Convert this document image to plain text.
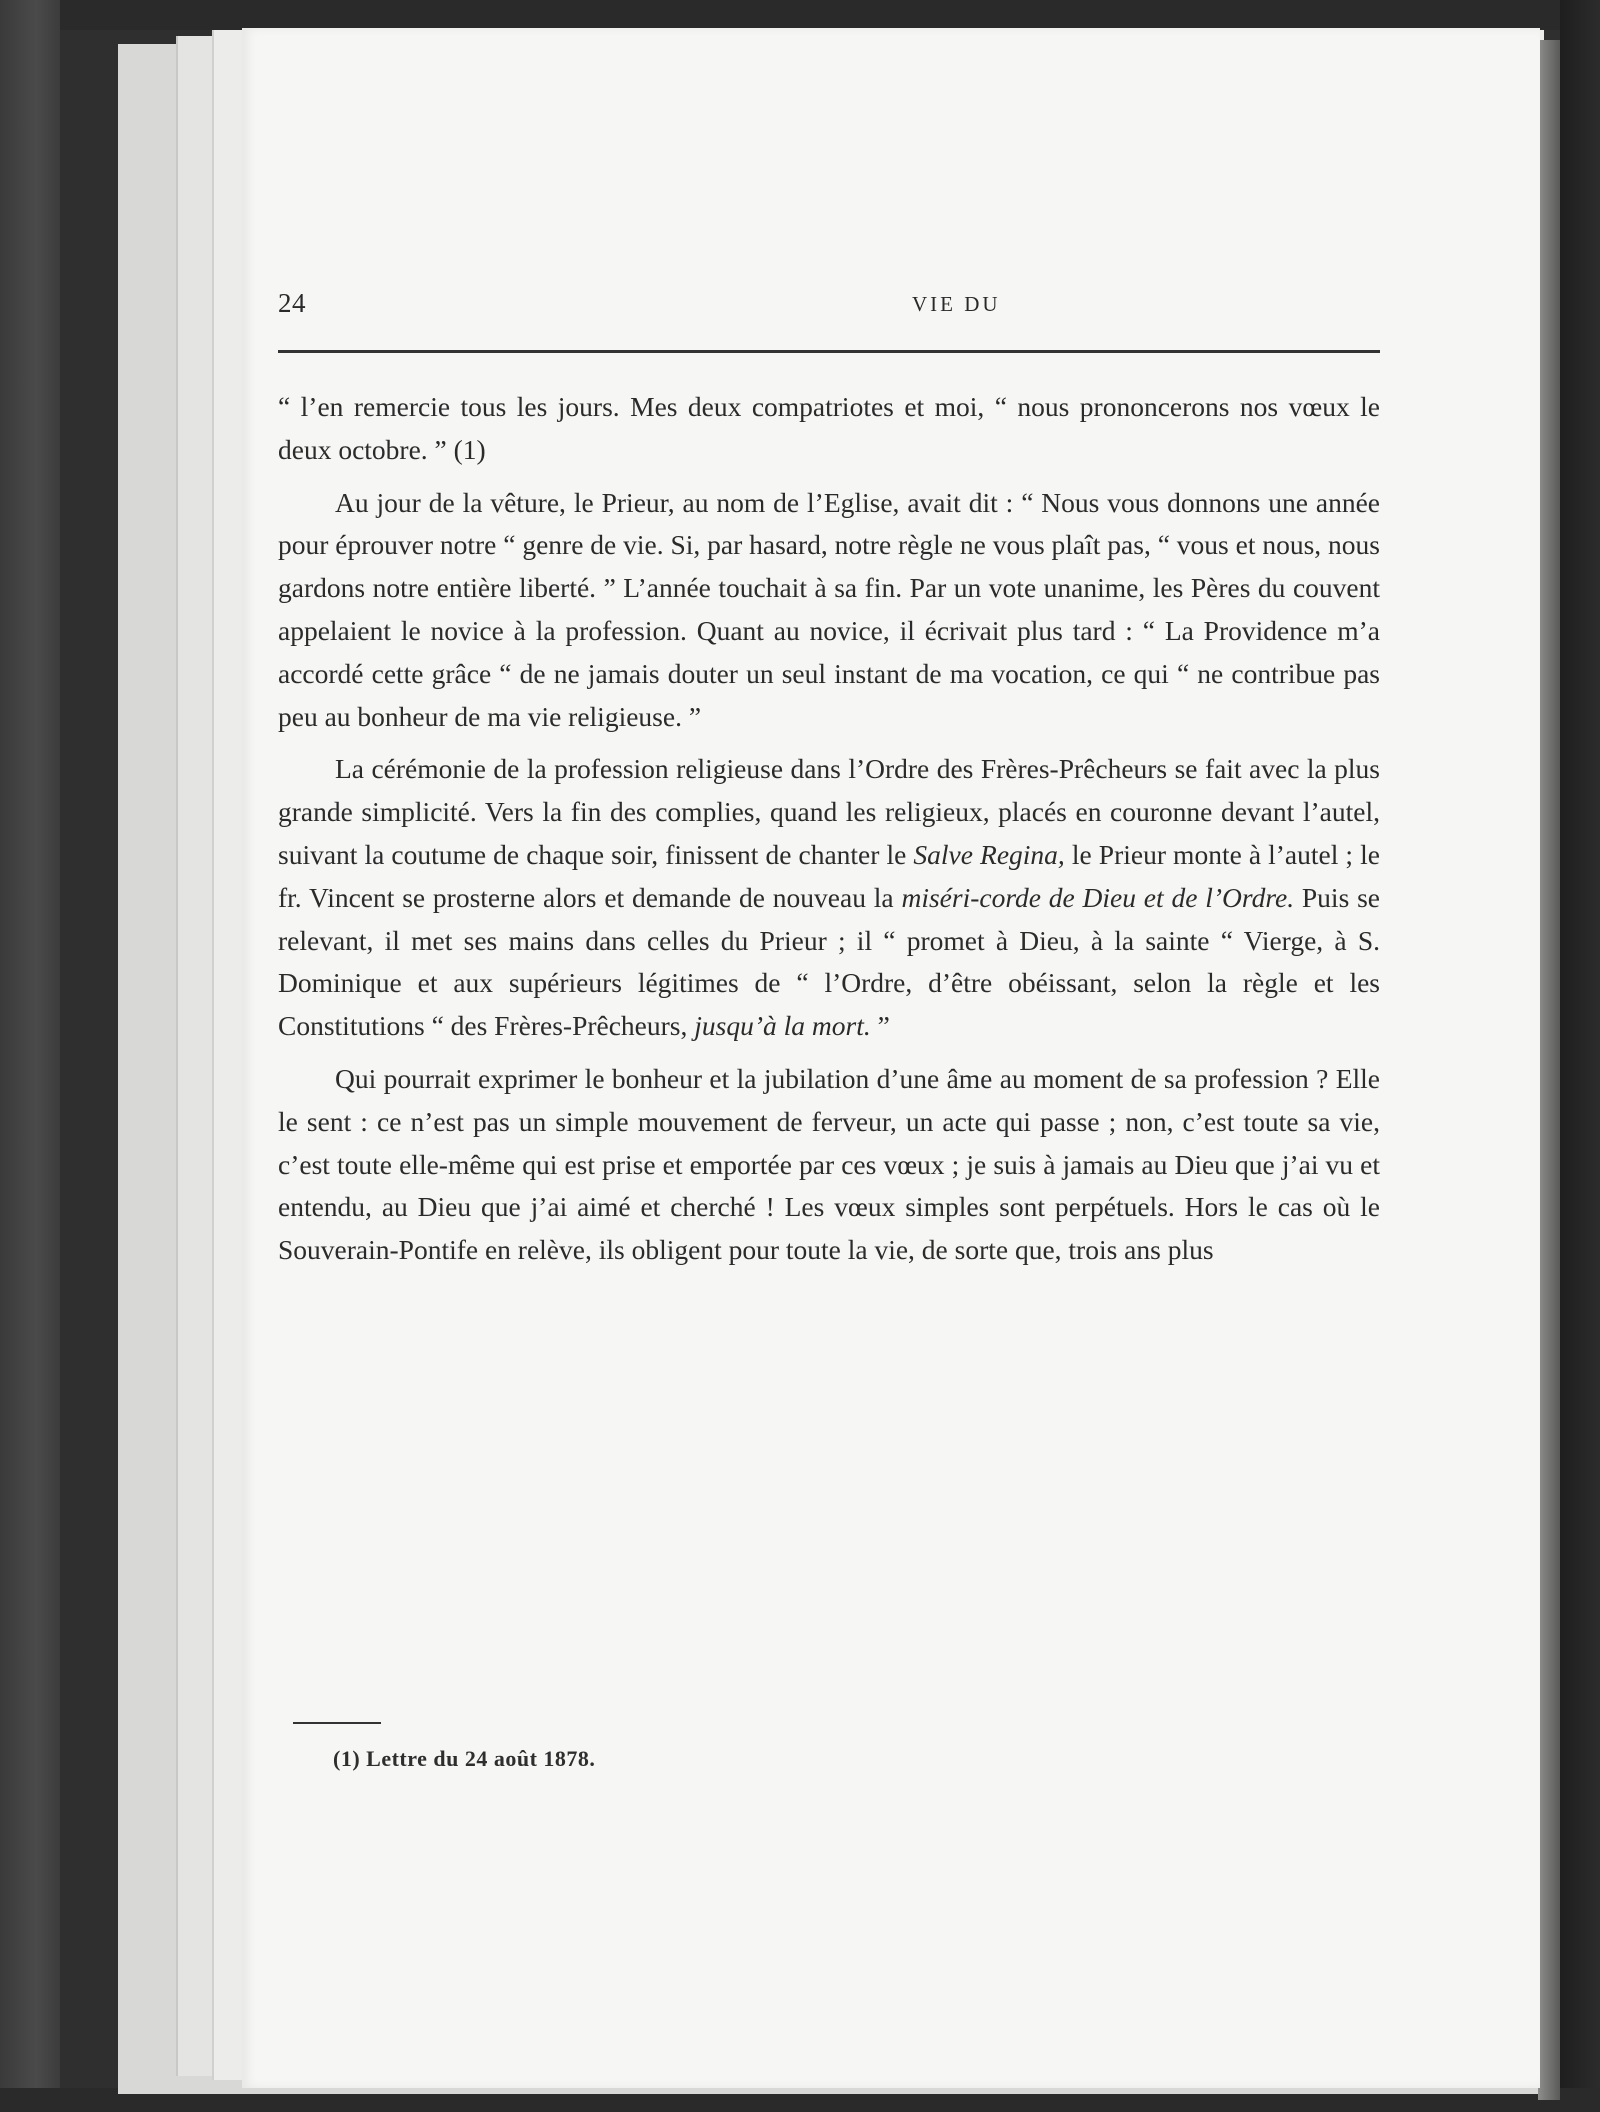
24	VIE DU

“ l’en remercie tous les jours. Mes deux compatriotes et moi, “ nous prononcerons nos vœux le deux octobre. ” (1)

Au jour de la vêture, le Prieur, au nom de l’Eglise, avait dit : “ Nous vous donnons une année pour éprouver notre “ genre de vie. Si, par hasard, notre règle ne vous plaît pas, “ vous et nous, nous gardons notre entière liberté. ” L’année touchait à sa fin. Par un vote unanime, les Pères du couvent appelaient le novice à la profession. Quant au novice, il écrivait plus tard : “ La Providence m’a accordé cette grâce “ de ne jamais douter un seul instant de ma vocation, ce qui “ ne contribue pas peu au bonheur de ma vie religieuse. ”

La cérémonie de la profession religieuse dans l’Ordre des Frères-Prêcheurs se fait avec la plus grande simplicité. Vers la fin des complies, quand les religieux, placés en couronne devant l’autel, suivant la coutume de chaque soir, finissent de chanter le Salve Regina, le Prieur monte à l’autel ; le fr. Vincent se prosterne alors et demande de nouveau la miséri-corde de Dieu et de l’Ordre. Puis se relevant, il met ses mains dans celles du Prieur ; il “ promet à Dieu, à la sainte “ Vierge, à S. Dominique et aux supérieurs légitimes de “ l’Ordre, d’être obéissant, selon la règle et les Constitutions “ des Frères-Prêcheurs, jusqu’à la mort. ”

Qui pourrait exprimer le bonheur et la jubilation d’une âme au moment de sa profession ? Elle le sent : ce n’est pas un simple mouvement de ferveur, un acte qui passe ; non, c’est toute sa vie, c’est toute elle-même qui est prise et emportée par ces vœux ; je suis à jamais au Dieu que j’ai vu et entendu, au Dieu que j’ai aimé et cherché ! Les vœux simples sont perpétuels. Hors le cas où le Souverain-Pontife en relève, ils obligent pour toute la vie, de sorte que, trois ans plus

(1) Lettre du 24 août 1878.
